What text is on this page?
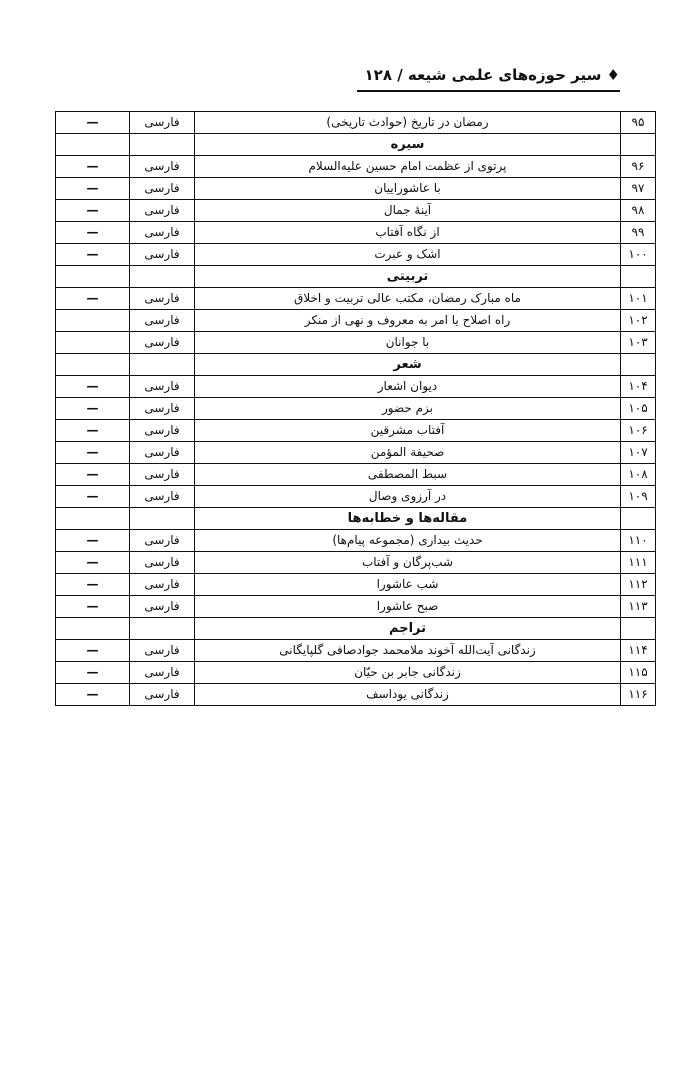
♦ سیر حوزه‌های علمی شیعه / ۱۲۸
۹۵	رمضان در تاریخ (حوادث تاریخی)	فارسی	—
	سیره		
۹۶	پرتوی از عظمت امام حسین علیه‌السلام	فارسی	—
۹۷	با عاشوراییان	فارسی	—
۹۸	آینهٔ جمال	فارسی	—
۹۹	از نگاه آفتاب	فارسی	—
۱۰۰	اشک و عبرت	فارسی	—
	تربیتی		
۱۰۱	ماه مبارک رمضان، مکتب عالی تربیت و اخلاق	فارسی	—
۱۰۲	راه اصلاح یا امر به معروف و نهی از منکر	فارسی	
۱۰۳	با جوانان	فارسی	
	شعر		
۱۰۴	دیوان اشعار	فارسی	—
۱۰۵	بزم حضور	فارسی	—
۱۰۶	آفتاب مشرقین	فارسی	—
۱۰۷	صحیفة المؤمن	فارسی	—
۱۰۸	سبط المصطفی	فارسی	—
۱۰۹	در آرزوی وصال	فارسی	—
	مقاله‌ها و خطابه‌ها		
۱۱۰	حدیث بیداری (مجموعه پیام‌ها)	فارسی	—
۱۱۱	شب‌پرگان و آفتاب	فارسی	—
۱۱۲	شب عاشورا	فارسی	—
۱۱۳	صبح عاشورا	فارسی	—
	تراجم		
۱۱۴	زندگانی آیت‌الله آخوند ملامحمد جوادصافی گلپایگانی	فارسی	—
۱۱۵	زندگانی جابر بن حیّان	فارسی	—
۱۱۶	زندگانی یوداسف	فارسی	—
